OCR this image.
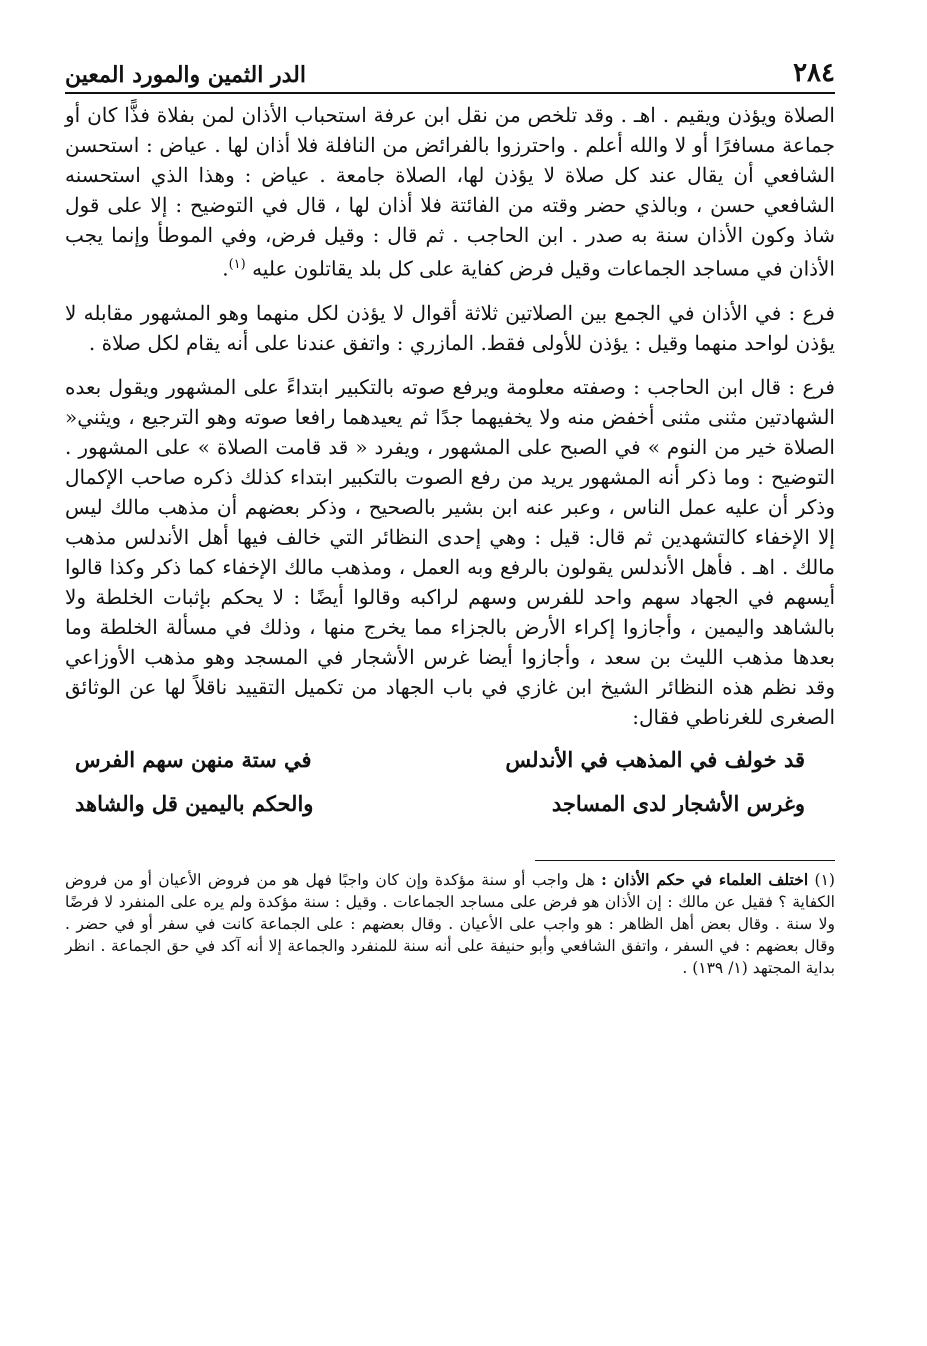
٢٨٤
الدر الثمين والمورد المعين

الصلاة ويؤذن ويقيم . اهـ . وقد تلخص من نقل ابن عرفة استحباب الأذان لمن بفلاة فذًّا كان أو جماعة مسافرًا أو لا والله أعلم . واحترزوا بالفرائض من النافلة فلا أذان لها . عياض : استحسن الشافعي أن يقال عند كل صلاة لا يؤذن لها، الصلاة جامعة . عياض : وهذا الذي استحسنه الشافعي حسن ، وبالذي حضر وقته من الفائتة فلا أذان لها ، قال في التوضيح : إلا على قول شاذ وكون الأذان سنة به صدر . ابن الحاجب . ثم قال : وقيل فرض، وفي الموطأ وإنما يجب الأذان في مساجد الجماعات وقيل فرض كفاية على كل بلد يقاتلون عليه $^{(١)}$.

فرع : في الأذان في الجمع بين الصلاتين ثلاثة أقوال لا يؤذن لكل منهما وهو المشهور مقابله لا يؤذن لواحد منهما وقيل : يؤذن للأولى فقط. المازري : واتفق عندنا على أنه يقام لكل صلاة .

فرع : قال ابن الحاجب : وصفته معلومة ويرفع صوته بالتكبير ابتداءً على المشهور ويقول بعده الشهادتين مثنى مثنى أخفض منه ولا يخفيهما جدًا ثم يعيدهما رافعا صوته وهو الترجيع ، ويثني« الصلاة خير من النوم » في الصبح على المشهور ، ويفرد « قد قامت الصلاة » على المشهور . التوضيح : وما ذكر أنه المشهور يريد من رفع الصوت بالتكبير ابتداء كذلك ذكره صاحب الإكمال وذكر أن عليه عمل الناس ، وعبر عنه ابن بشير بالصحيح ، وذكر بعضهم أن مذهب مالك ليس إلا الإخفاء كالتشهدين ثم قال: قيل : وهي إحدى النظائر التي خالف فيها أهل الأندلس مذهب مالك . اهـ . فأهل الأندلس يقولون بالرفع وبه العمل ، ومذهب مالك الإخفاء كما ذكر وكذا قالوا أيسهم في الجهاد سهم واحد للفرس وسهم لراكبه وقالوا أيضًا : لا يحكم بإثبات الخلطة ولا بالشاهد واليمين ، وأجازوا إكراء الأرض بالجزاء مما يخرج منها ، وذلك في مسألة الخلطة وما بعدها مذهب الليث بن سعد ، وأجازوا أيضا غرس الأشجار في المسجد وهو مذهب الأوزاعي وقد نظم هذه النظائر الشيخ ابن غازي في باب الجهاد من تكميل التقييد ناقلاً لها عن الوثائق الصغرى للغرناطي فقال:

قد خولف في المذهب في الأندلس
في ستة منهن سهم الفرس
وغرس الأشجار لدى المساجد
والحكم باليمين قل والشاهد
(١) اختلف العلماء في حكم الأذان : هل واجب أو سنة مؤكدة وإن كان واجبًا فهل هو من فروض الأعيان أو من فروض الكفاية ؟ فقيل عن مالك : إن الأذان هو فرض على مساجد الجماعات . وقيل : سنة مؤكدة ولم يره على المنفرد لا فرضًا ولا سنة . وقال بعض أهل الظاهر : هو واجب على الأعيان . وقال بعضهم : على الجماعة كانت في سفر أو في حضر . وقال بعضهم : في السفر ، واتفق الشافعي وأبو حنيفة على أنه سنة للمنفرد والجماعة إلا أنه آكد في حق الجماعة . انظر بداية المجتهد (١/ ١٣٩) .
